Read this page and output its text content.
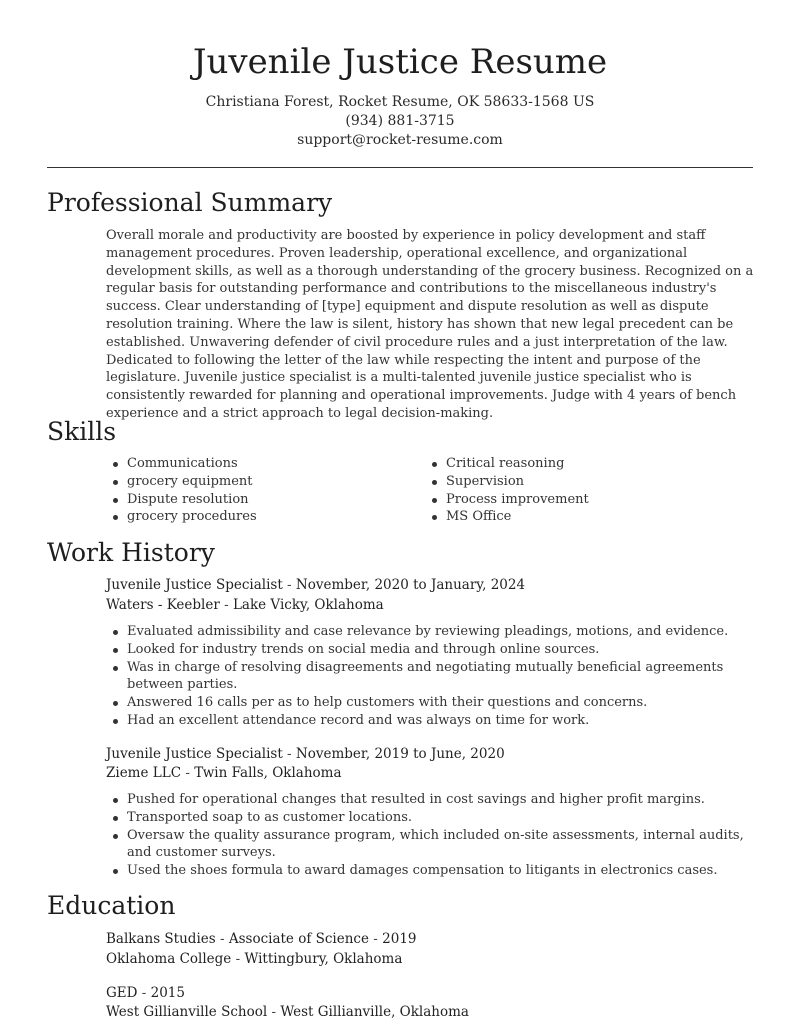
Juvenile Justice Resume
Christiana Forest, Rocket Resume, OK 58633-1568 US
(934) 881-3715
support@rocket-resume.com
Professional Summary

Overall morale and productivity are boosted by experience in policy development and staff management procedures. Proven leadership, operational excellence, and organizational development skills, as well as a thorough understanding of the grocery business. Recognized on a regular basis for outstanding performance and contributions to the miscellaneous industry's success. Clear understanding of [type] equipment and dispute resolution as well as dispute resolution training. Where the law is silent, history has shown that new legal precedent can be established. Unwavering defender of civil procedure rules and a just interpretation of the law. Dedicated to following the letter of the law while respecting the intent and purpose of the legislature. Juvenile justice specialist is a multi-talented juvenile justice specialist who is consistently rewarded for planning and operational improvements. Judge with 4 years of bench experience and a strict approach to legal decision-making.

Skills
Communications
grocery equipment
Dispute resolution
grocery procedures
Critical reasoning
Supervision
Process improvement
MS Office
Work History
Juvenile Justice Specialist - November, 2020 to January, 2024
Waters - Keebler - Lake Vicky, Oklahoma
Evaluated admissibility and case relevance by reviewing pleadings, motions, and evidence.
Looked for industry trends on social media and through online sources.
Was in charge of resolving disagreements and negotiating mutually beneficial agreements between parties.
Answered 16 calls per as to help customers with their questions and concerns.
Had an excellent attendance record and was always on time for work.
Juvenile Justice Specialist - November, 2019 to June, 2020
Zieme LLC - Twin Falls, Oklahoma
Pushed for operational changes that resulted in cost savings and higher profit margins.
Transported soap to as customer locations.
Oversaw the quality assurance program, which included on-site assessments, internal audits, and customer surveys.
Used the shoes formula to award damages compensation to litigants in electronics cases.
Education
Balkans Studies - Associate of Science - 2019
Oklahoma College - Wittingbury, Oklahoma
GED - 2015
West Gillianville School - West Gillianville, Oklahoma
